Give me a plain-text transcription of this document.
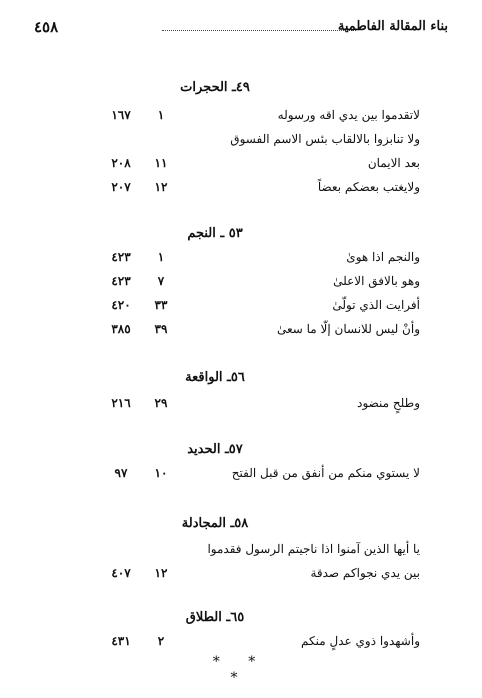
٤٥٨	بناء المقالة الفاطمية
٤٩ـ الحجرات
لاتقدموا بين يدي اقه ورسوله
١
١٦٧
ولا تنابزوا بالالقاب بئس الاسم الفسوق
بعد الايمان
١١
٢٠٨
ولايغتب بعضكم بعضاً
١٢
٢٠٧
٥٣ ـ النجم
والنجم اذا هوىٰ
١
٤٢٣
وهو بالافق الاعلىٰ
٧
٤٢٣
أفرايت الذي تولّىٰ
٣٣
٤٢٠
وأنْ ليس للانسان إلّا ما سعىٰ
٣٩
٣٨٥
٥٦ـ الواقعة
وطلحٍ منضود
٢٩
٢١٦
٥٧ـ الحديد
لا يستوي منكم من أنفق من قبل الفتح
١٠
٩٧
٥٨ـ المجادلة
يا أيها الذين آمنوا اذا ناجيتم الرسول فقدموا
بين يدي نجواكم صدقة
١٢
٤٠٧
٦٥ـ الطلاق
وأشهدوا ذوي عدلٍ منكم
٢
٤٣١
* * *
